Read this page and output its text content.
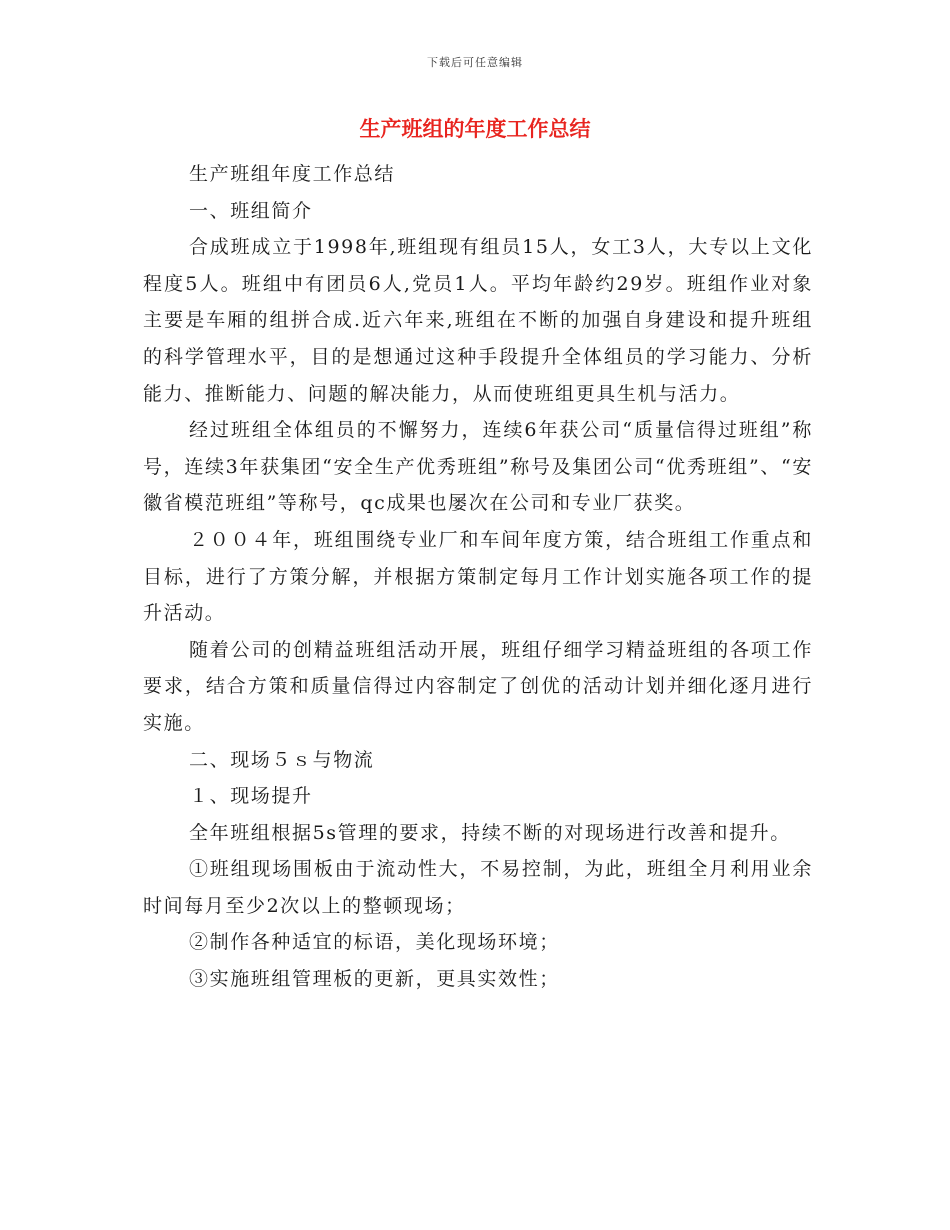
下载后可任意编辑
生产班组的年度工作总结

生产班组年度工作总结

一、班组简介

合成班成立于1998年,班组现有组员15人，女工3人，大专以上文化程度5人。班组中有团员6人,党员1人。平均年龄约29岁。班组作业对象主要是车厢的组拼合成.近六年来,班组在不断的加强自身建设和提升班组的科学管理水平，目的是想通过这种手段提升全体组员的学习能力、分析能力、推断能力、问题的解决能力，从而使班组更具生机与活力。

经过班组全体组员的不懈努力，连续6年获公司“质量信得过班组”称号，连续3年获集团“安全生产优秀班组”称号及集团公司“优秀班组”、“安徽省模范班组”等称号，qc成果也屡次在公司和专业厂获奖。

２００４年，班组围绕专业厂和车间年度方策，结合班组工作重点和目标，进行了方策分解，并根据方策制定每月工作计划实施各项工作的提升活动。

随着公司的创精益班组活动开展，班组仔细学习精益班组的各项工作要求，结合方策和质量信得过内容制定了创优的活动计划并细化逐月进行实施。

二、现场５ｓ与物流

１、现场提升

全年班组根据5s管理的要求，持续不断的对现场进行改善和提升。

①班组现场围板由于流动性大，不易控制，为此，班组全月利用业余时间每月至少2次以上的整顿现场；

②制作各种适宜的标语，美化现场环境；

③实施班组管理板的更新，更具实效性；
